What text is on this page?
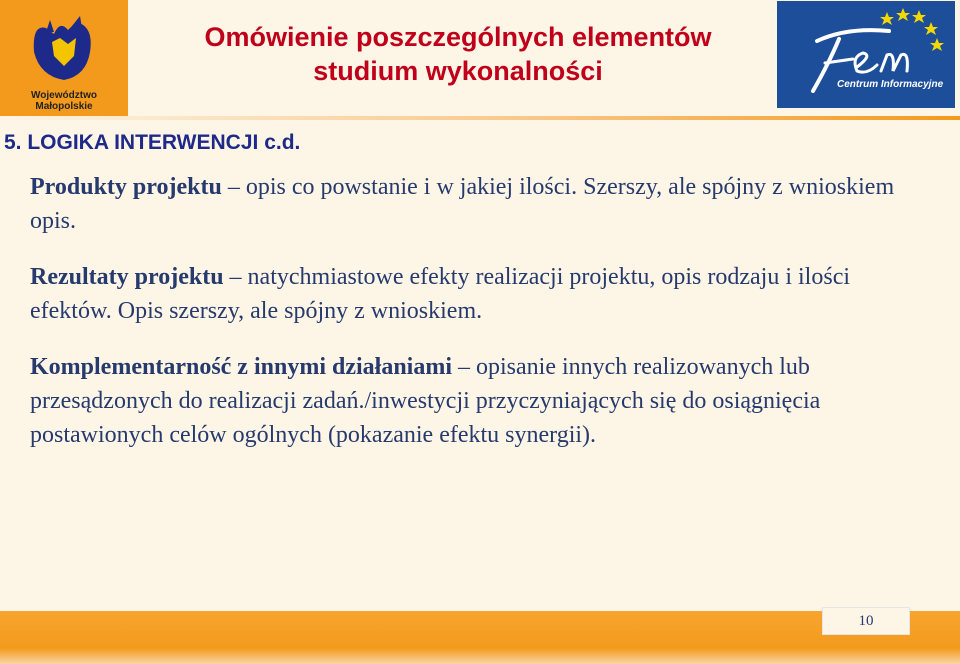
Województwo
Małopolskie
Omówienie poszczególnych elementów
studium wykonalności	Centrum Informacyjne
5. LOGIKA INTERWENCJI c.d.

Produkty projektu – opis co powstanie i w jakiej ilości. Szerszy, ale spójny z wnioskiem opis.

Rezultaty projektu – natychmiastowe efekty realizacji projektu, opis rodzaju i ilości efektów. Opis szerszy, ale spójny z wnioskiem.

Komplementarność z innymi działaniami – opisanie innych realizowanych lub przesądzonych do realizacji zadań./inwestycji przyczyniających się do osiągnięcia postawionych celów ogólnych (pokazanie efektu synergii).

10
